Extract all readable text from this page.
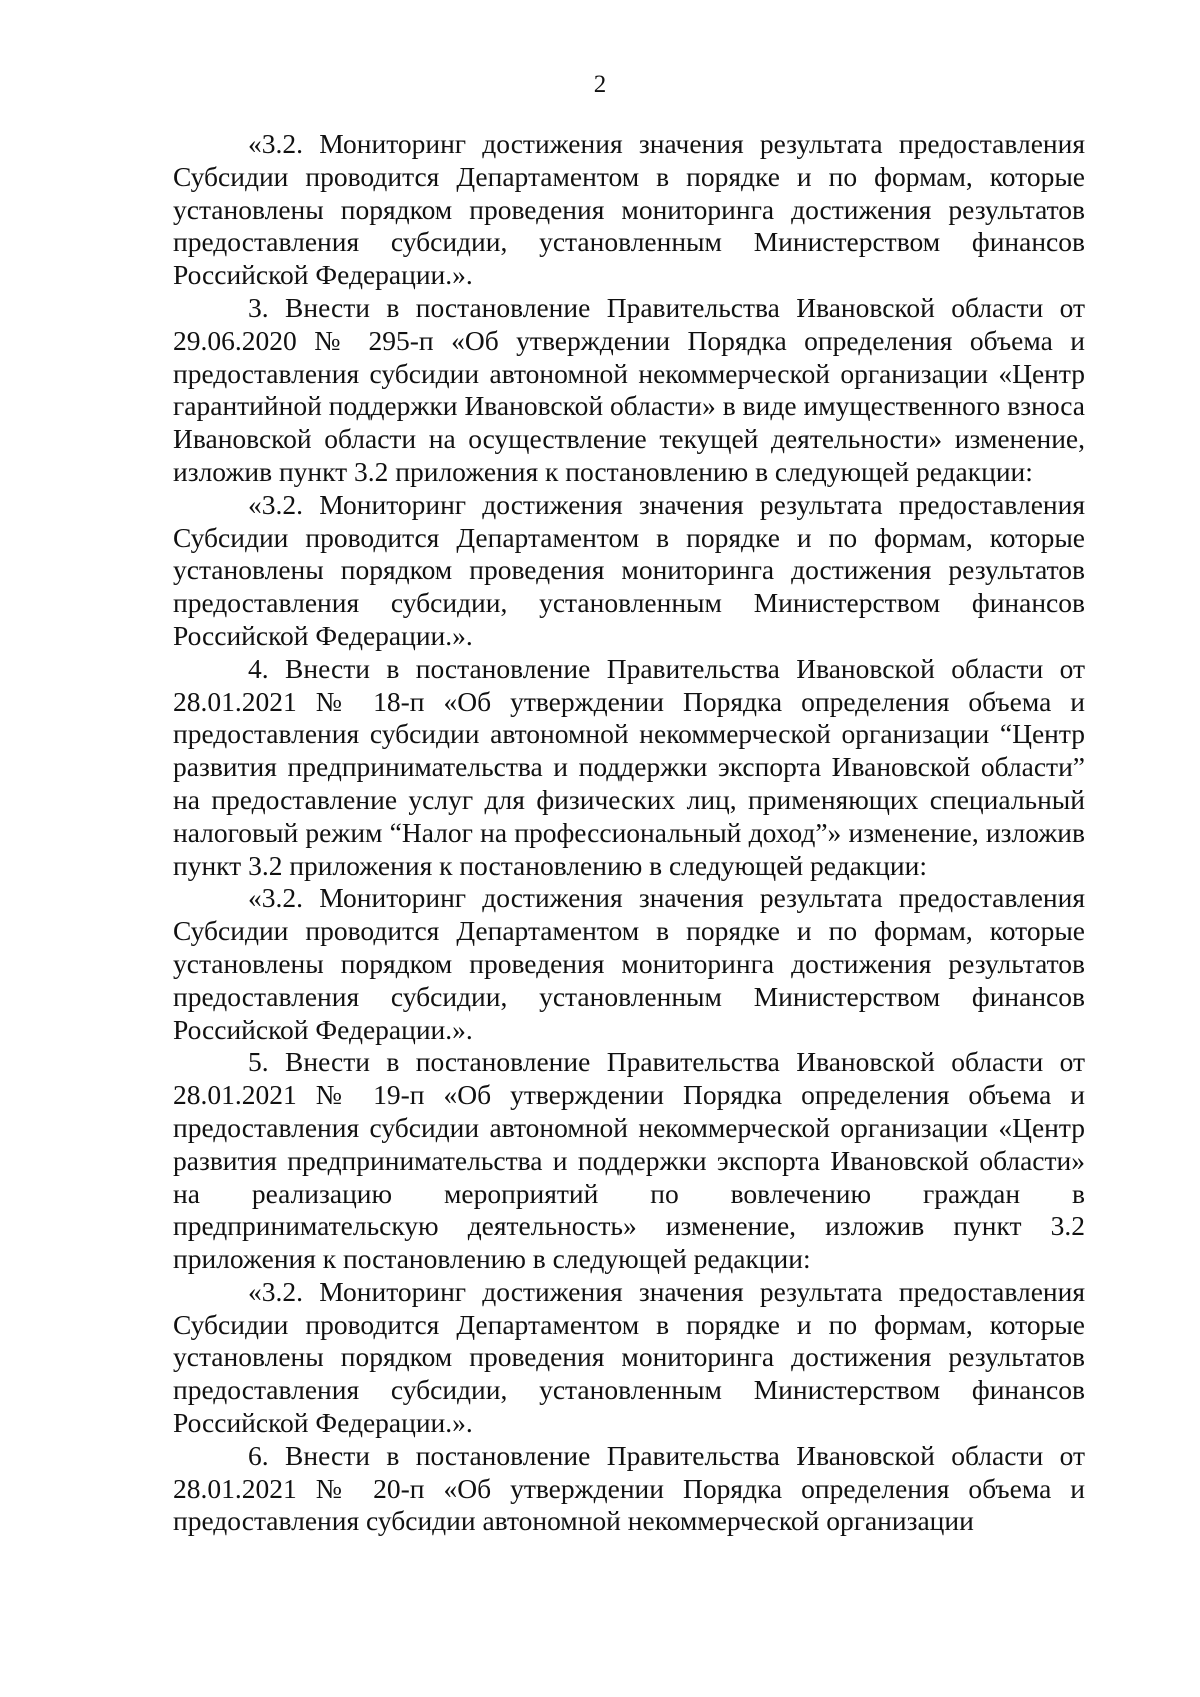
2

«3.2. Мониторинг достижения значения результата предоставления Субсидии проводится Департаментом в порядке и по формам, которые установлены порядком проведения мониторинга достижения результатов предоставления субсидии, установленным Министерством финансов Российской Федерации.».

3. Внести в постановление Правительства Ивановской области от 29.06.2020 № 295-п «Об утверждении Порядка определения объема и предоставления субсидии автономной некоммерческой организации «Центр гарантийной поддержки Ивановской области» в виде имущественного взноса Ивановской области на осуществление текущей деятельности» изменение, изложив пункт 3.2 приложения к постановлению в следующей редакции:

«3.2. Мониторинг достижения значения результата предоставления Субсидии проводится Департаментом в порядке и по формам, которые установлены порядком проведения мониторинга достижения результатов предоставления субсидии, установленным Министерством финансов Российской Федерации.».

4. Внести в постановление Правительства Ивановской области от 28.01.2021 № 18-п «Об утверждении Порядка определения объема и предоставления субсидии автономной некоммерческой организации “Центр развития предпринимательства и поддержки экспорта Ивановской области” на предоставление услуг для физических лиц, применяющих специальный налоговый режим “Налог на профессиональный доход”» изменение, изложив пункт 3.2 приложения к постановлению в следующей редакции:

«3.2. Мониторинг достижения значения результата предоставления Субсидии проводится Департаментом в порядке и по формам, которые установлены порядком проведения мониторинга достижения результатов предоставления субсидии, установленным Министерством финансов Российской Федерации.».

5. Внести в постановление Правительства Ивановской области от 28.01.2021 № 19-п «Об утверждении Порядка определения объема и предоставления субсидии автономной некоммерческой организации «Центр развития предпринимательства и поддержки экспорта Ивановской области» на реализацию мероприятий по вовлечению граждан в предпринимательскую деятельность» изменение, изложив пункт 3.2 приложения к постановлению в следующей редакции:

«3.2. Мониторинг достижения значения результата предоставления Субсидии проводится Департаментом в порядке и по формам, которые установлены порядком проведения мониторинга достижения результатов предоставления субсидии, установленным Министерством финансов Российской Федерации.».

6. Внести в постановление Правительства Ивановской области от 28.01.2021 № 20-п «Об утверждении Порядка определения объема и предоставления субсидии автономной некоммерческой организации
